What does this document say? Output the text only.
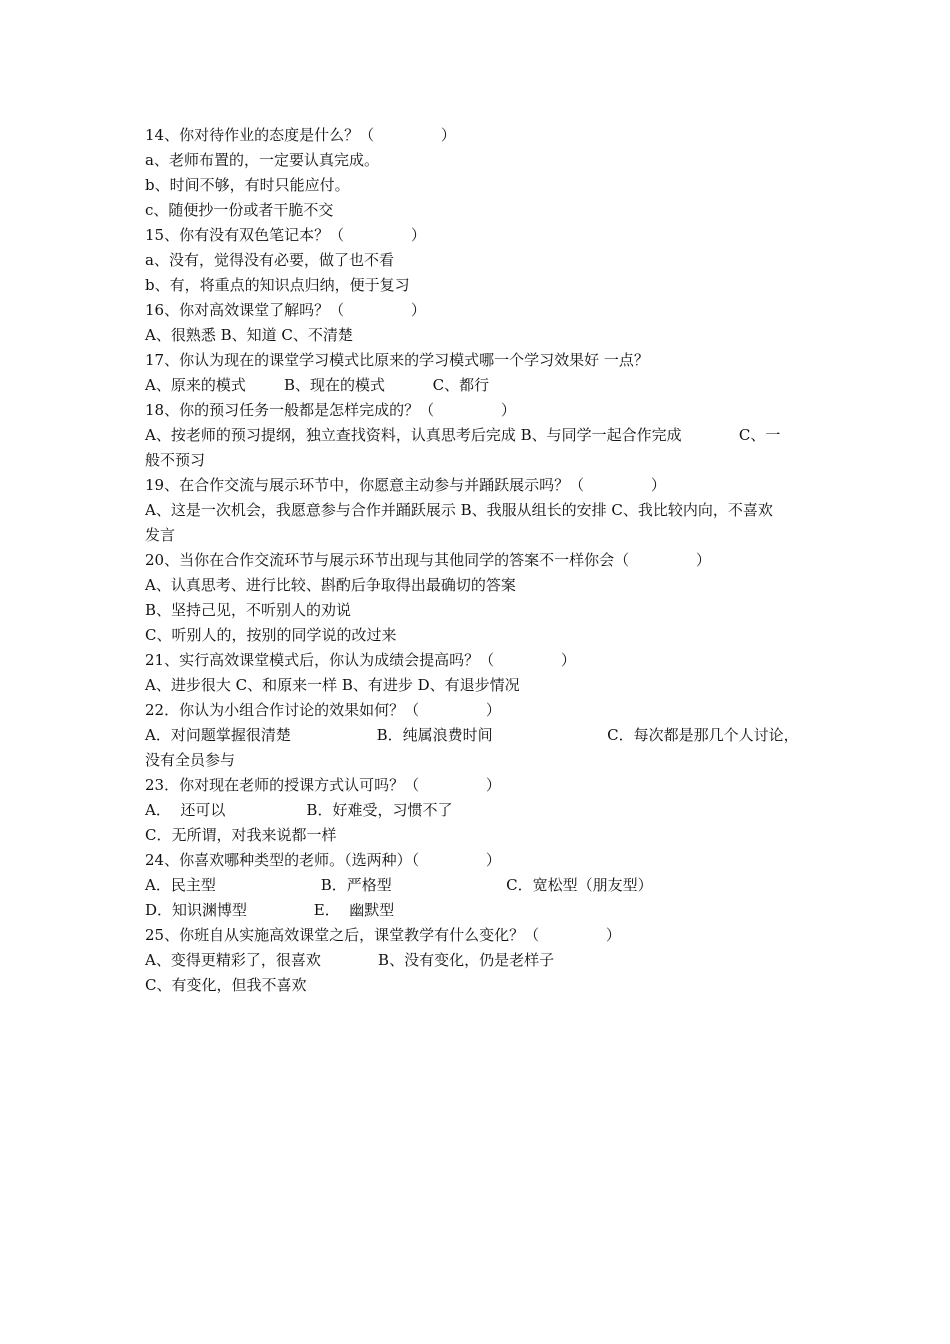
14、你对待作业的态度是什么？（              ）
a、老师布置的，一定要认真完成。
b、时间不够，有时只能应付。
c、随便抄一份或者干脆不交
15、你有没有双色笔记本？（              ）
a、没有，觉得没有必要，做了也不看
b、有，将重点的知识点归纳，便于复习
16、你对高效课堂了解吗？（              ）
A、很熟悉 B、知道 C、不清楚
17、你认为现在的课堂学习模式比原来的学习模式哪一个学习效果好 一点？
A、原来的模式        B、现在的模式          C、都行
18、你的预习任务一般都是怎样完成的？（              ）
A、按老师的预习提纲，独立查找资料，认真思考后完成 B、与同学一起合作完成            C、一
般不预习
19、在合作交流与展示环节中，你愿意主动参与并踊跃展示吗？（              ）
A、这是一次机会，我愿意参与合作并踊跃展示 B、我服从组长的安排 C、我比较内向，不喜欢
发言
20、当你在合作交流环节与展示环节出现与其他同学的答案不一样你会（              ）
A、认真思考、进行比较、斟酌后争取得出最确切的答案
B、坚持己见，不听别人的劝说
C、听别人的，按别的同学说的改过来
21、实行高效课堂模式后，你认为成绩会提高吗？（              ）
A、进步很大 C、和原来一样 B、有进步 D、有退步情况
22．你认为小组合作讨论的效果如何？（              ）
A．对问题掌握很清楚                  B．纯属浪费时间                        C．每次都是那几个人讨论，
没有全员参与
23．你对现在老师的授课方式认可吗？（              ）
A．  还可以                 B．好难受，习惯不了
C．无所谓，对我来说都一样
24、你喜欢哪种类型的老师。（选两种）（              ）
A．民主型                      B．严格型                        C．宽松型（朋友型）
D．知识渊博型              E．  幽默型
25、你班自从实施高效课堂之后，课堂教学有什么变化？（              ）
A、变得更精彩了，很喜欢            B、没有变化，仍是老样子
C、有变化，但我不喜欢
